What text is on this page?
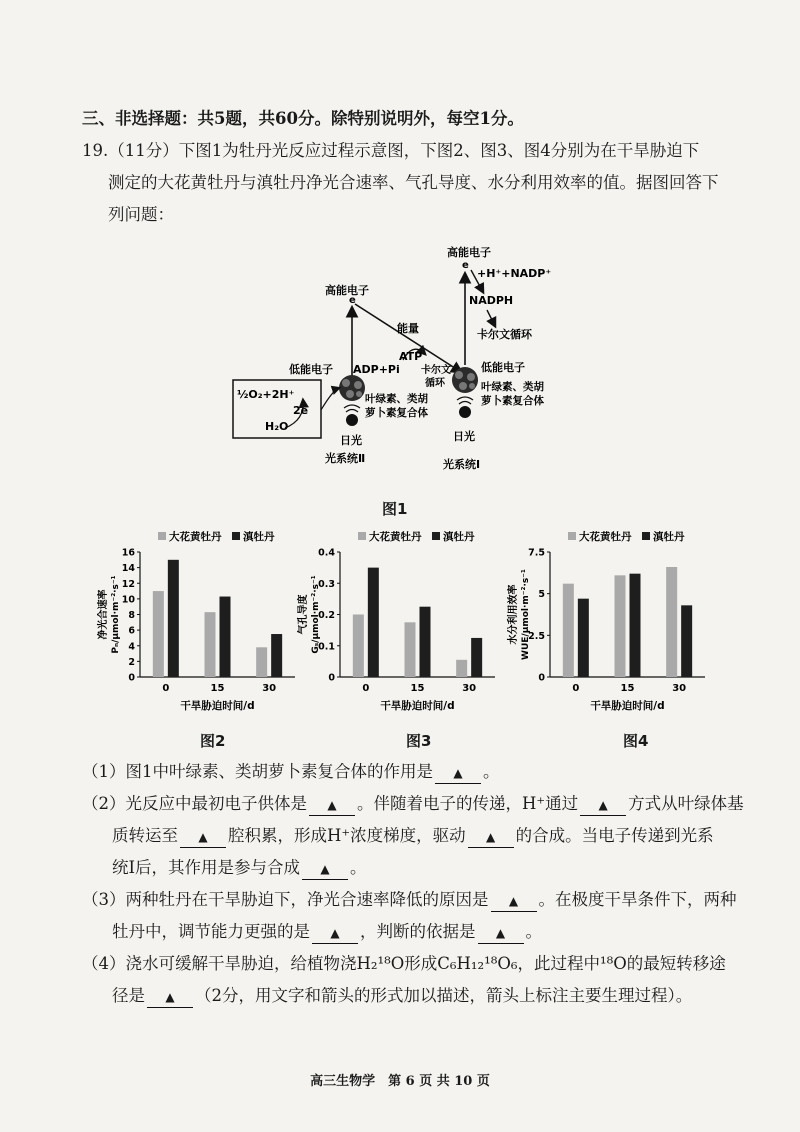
三、非选择题：共5题，共60分。除特别说明外，每空1分。
19.（11分）下图1为牡丹光反应过程示意图，下图2、图3、图4分别为在干旱胁迫下
测定的大花黄牡丹与滇牡丹净光合速率、气孔导度、水分利用效率的值。据图回答下
列问题：
高能电子
e
高能电子
e
+H⁺+NADP⁺
NADPH
卡尔文循环
能量
ATP
ADP+Pi 卡尔文
循环
低能电子	低能电子
叶绿素、类胡
萝卜素复合体
叶绿素、类胡
萝卜素复合体
½O₂+2H⁺
2e
H₂O
日光	日光
光系统Ⅱ	光系统Ⅰ
图1
大花黄牡丹 滇牡丹
0
2
4
6
8
10
12
14
16
净光合速率 Pₙ/μmol·m⁻²·s⁻¹
0	15	30
干旱胁迫时间/d
大花黄牡丹 滇牡丹
0
0.1
0.2
0.3
0.4
气孔导度 Gₛ/μmol·m⁻²·s⁻¹
0	15	30
干旱胁迫时间/d
大花黄牡丹 滇牡丹
0
2.5
5
7.5
水分利用效率 WUE/μmol·m⁻²·s⁻¹
0	15	30
干旱胁迫时间/d
图2	图3	图4
（1）图1中叶绿素、类胡萝卜素复合体的作用是 ▲ 。
（2）光反应中最初电子供体是 ▲ 。伴随着电子的传递，H⁺通过 ▲ 方式从叶绿体基
质转运至 ▲ 腔积累，形成H⁺浓度梯度，驱动 ▲ 的合成。当电子传递到光系
统Ⅰ后，其作用是参与合成 ▲ 。
（3）两种牡丹在干旱胁迫下，净光合速率降低的原因是 ▲ 。在极度干旱条件下，两种
牡丹中，调节能力更强的是 ▲ ，判断的依据是 ▲ 。
（4）浇水可缓解干旱胁迫，给植物浇H₂¹⁸O形成C₆H₁₂¹⁸O₆，此过程中¹⁸O的最短转移途
径是 ▲ （2分，用文字和箭头的形式加以描述，箭头上标注主要生理过程）。
高三生物学　第 6 页 共 10 页
